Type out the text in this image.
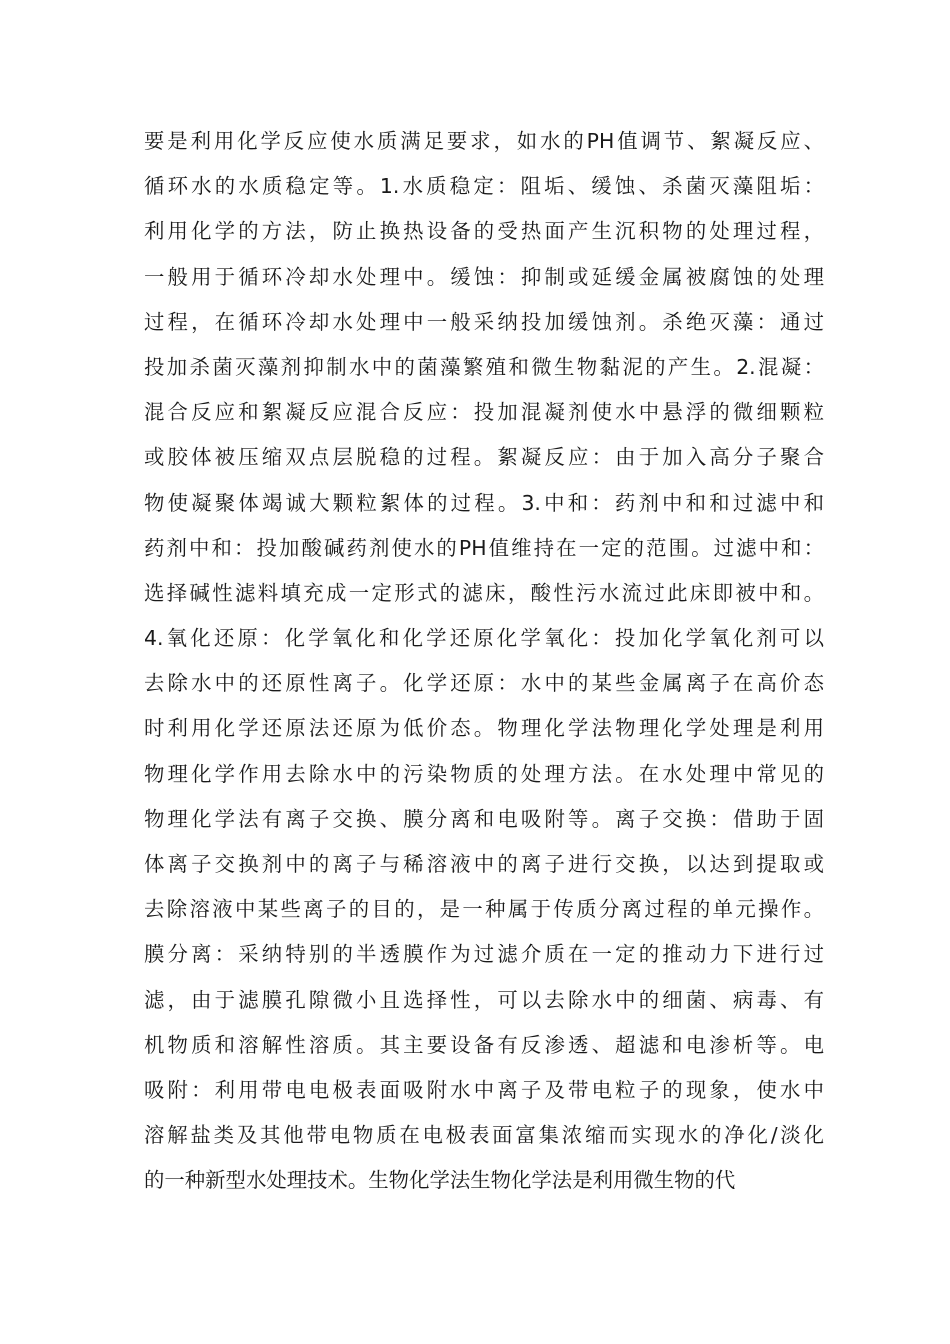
要是利用化学反应使水质满足要求，如水的PH值调节、絮凝反应、
循环水的水质稳定等。1.水质稳定：阻垢、缓蚀、杀菌灭藻阻垢：
利用化学的方法，防止换热设备的受热面产生沉积物的处理过程，
一般用于循环冷却水处理中。缓蚀：抑制或延缓金属被腐蚀的处理
过程，在循环冷却水处理中一般采纳投加缓蚀剂。杀绝灭藻：通过
投加杀菌灭藻剂抑制水中的菌藻繁殖和微生物黏泥的产生。2.混凝：
混合反应和絮凝反应混合反应：投加混凝剂使水中悬浮的微细颗粒
或胶体被压缩双点层脱稳的过程。絮凝反应：由于加入高分子聚合
物使凝聚体竭诚大颗粒絮体的过程。3.中和：药剂中和和过滤中和
药剂中和：投加酸碱药剂使水的PH值维持在一定的范围。过滤中和：
选择碱性滤料填充成一定形式的滤床，酸性污水流过此床即被中和。
4.氧化还原：化学氧化和化学还原化学氧化：投加化学氧化剂可以
去除水中的还原性离子。化学还原：水中的某些金属离子在高价态
时利用化学还原法还原为低价态。物理化学法物理化学处理是利用
物理化学作用去除水中的污染物质的处理方法。在水处理中常见的
物理化学法有离子交换、膜分离和电吸附等。离子交换：借助于固
体离子交换剂中的离子与稀溶液中的离子进行交换，以达到提取或
去除溶液中某些离子的目的，是一种属于传质分离过程的单元操作。
膜分离：采纳特别的半透膜作为过滤介质在一定的推动力下进行过
滤，由于滤膜孔隙微小且选择性，可以去除水中的细菌、病毒、有
机物质和溶解性溶质。其主要设备有反渗透、超滤和电渗析等。电
吸附：利用带电电极表面吸附水中离子及带电粒子的现象，使水中
溶解盐类及其他带电物质在电极表面富集浓缩而实现水的净化/淡化
的一种新型水处理技术。生物化学法生物化学法是利用微生物的代
